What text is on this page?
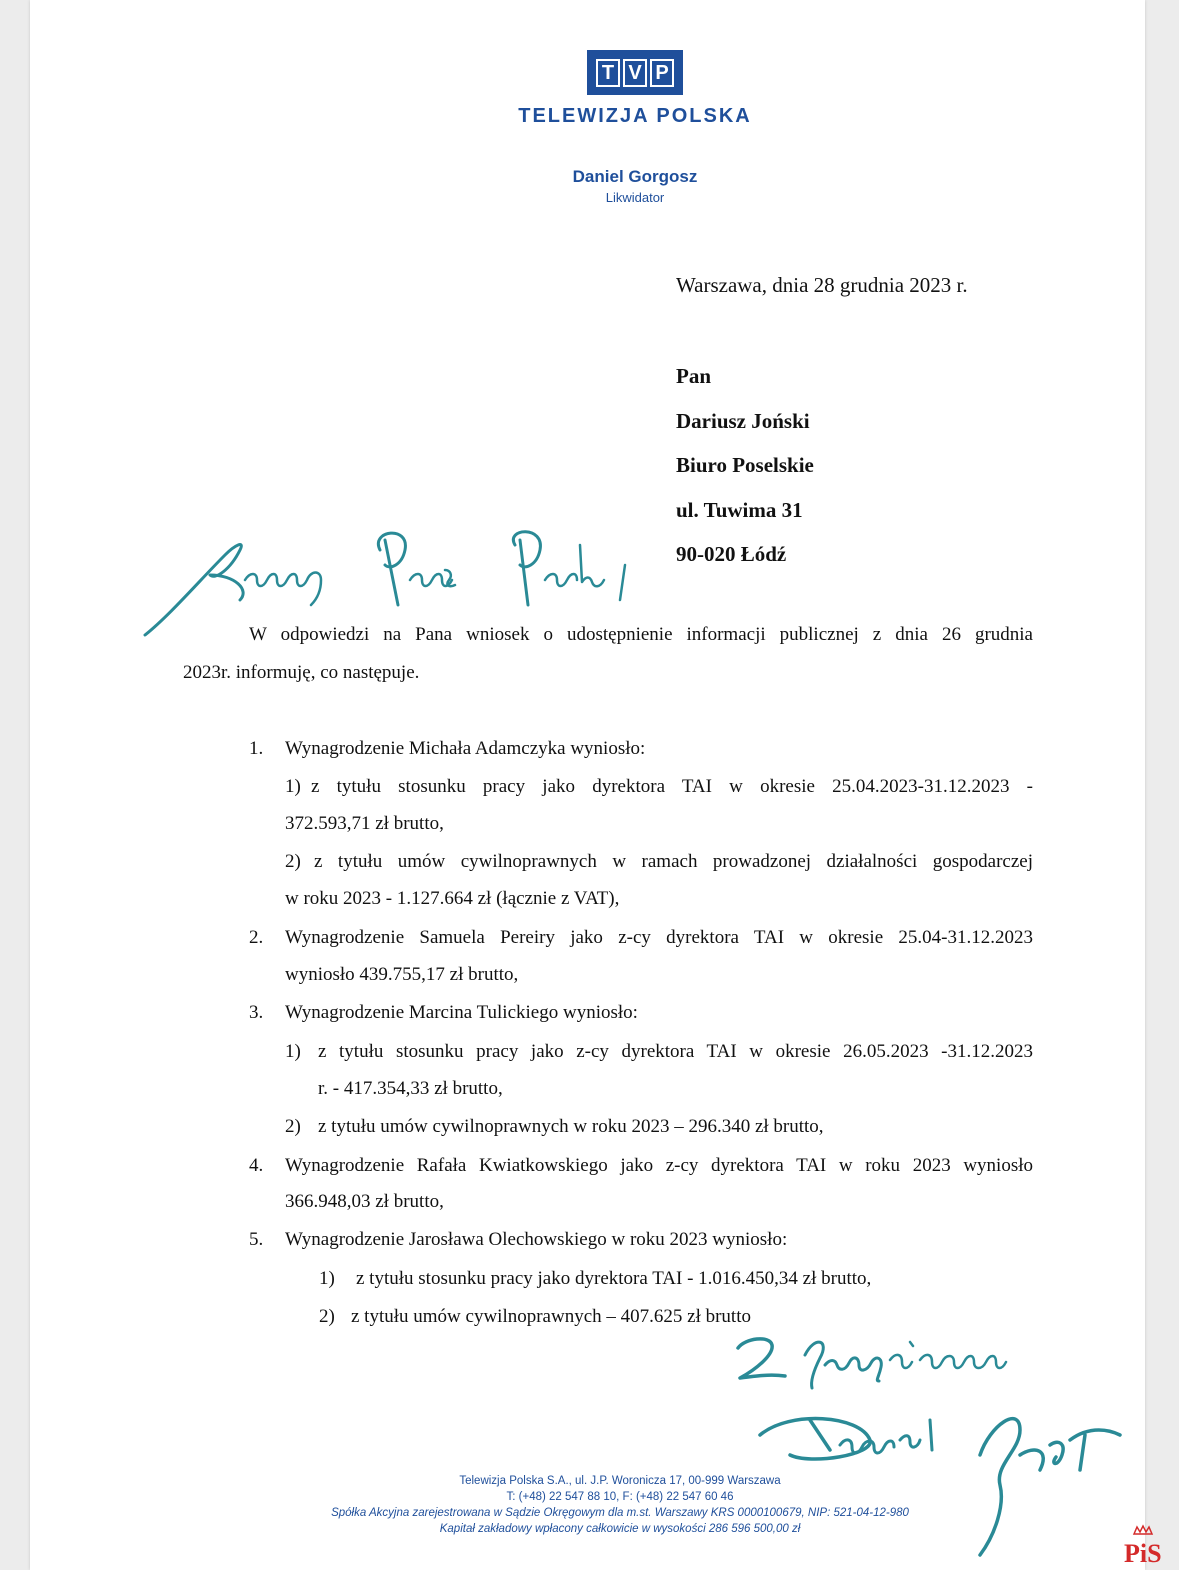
T V P
TELEWIZJA POLSKA
Daniel Gorgosz
Likwidator
Warszawa, dnia 28 grudnia 2023 r.
Pan
Dariusz Joński
Biuro Poselskie
ul. Tuwima 31
90-020 Łódź
W odpowiedzi na Pana wniosek o udostępnienie informacji publicznej z dnia 26 grudnia
2023r. informuję, co następuje.
1. Wynagrodzenie Michała Adamczyka wyniosło:
1) z tytułu stosunku pracy jako dyrektora TAI w okresie 25.04.2023-31.12.2023 -
372.593,71 zł brutto,
2) z tytułu umów cywilnoprawnych w ramach prowadzonej działalności gospodarczej
w roku 2023 - 1.127.664 zł (łącznie z VAT),
2. Wynagrodzenie Samuela Pereiry jako z-cy dyrektora TAI w okresie 25.04-31.12.2023
wyniosło 439.755,17 zł brutto,
3. Wynagrodzenie Marcina Tulickiego wyniosło:
1) z tytułu stosunku pracy jako z-cy dyrektora TAI w okresie 26.05.2023 -31.12.2023
r. - 417.354,33 zł brutto,
2) z tytułu umów cywilnoprawnych w roku 2023 – 296.340 zł brutto,
4. Wynagrodzenie Rafała Kwiatkowskiego jako z-cy dyrektora TAI w roku 2023 wyniosło
366.948,03 zł brutto,
5. Wynagrodzenie Jarosława Olechowskiego w roku 2023 wyniosło:
1) z tytułu stosunku pracy jako dyrektora TAI - 1.016.450,34 zł brutto,
2) z tytułu umów cywilnoprawnych – 407.625 zł brutto
Telewizja Polska S.A., ul. J.P. Woronicza 17, 00-999 Warszawa
T: (+48) 22 547 88 10, F: (+48) 22 547 60 46
Spółka Akcyjna zarejestrowana w Sądzie Okręgowym dla m.st. Warszawy KRS 0000100679, NIP: 521-04-12-980
Kapitał zakładowy wpłacony całkowicie w wysokości 286 596 500,00 zł
PiS
